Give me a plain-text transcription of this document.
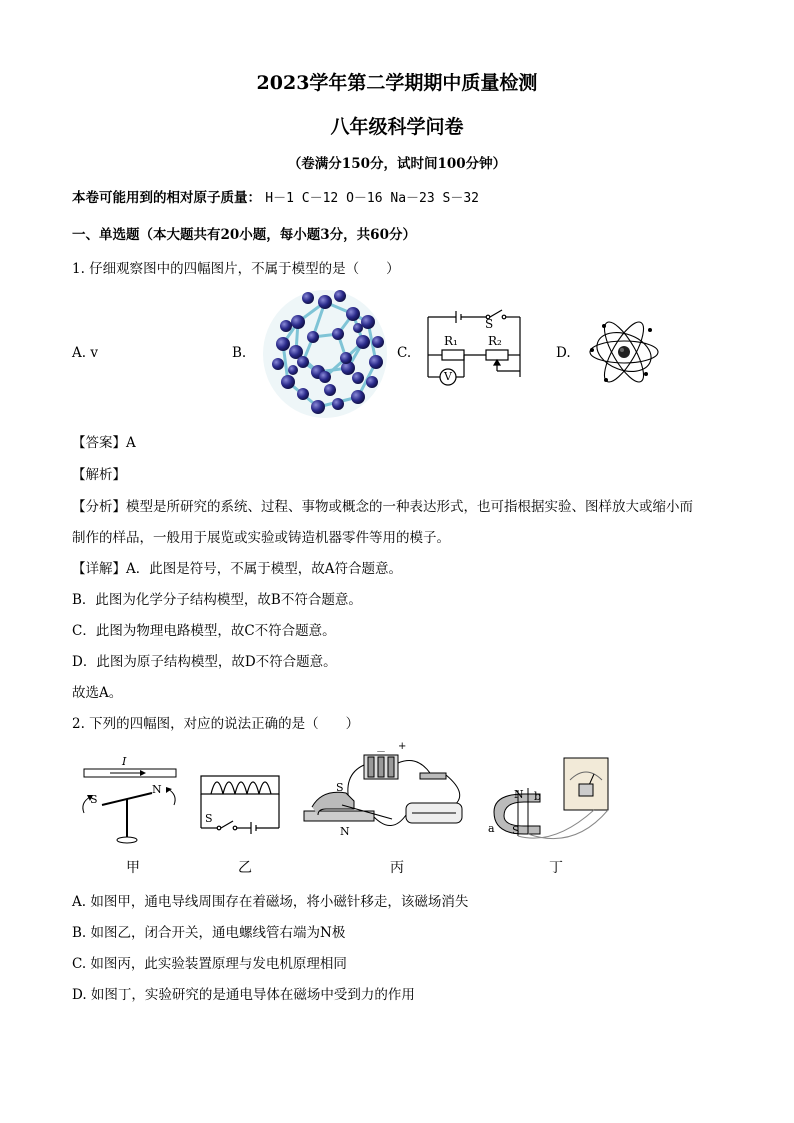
2023学年第二学期期中质量检测
八年级科学问卷
（卷满分150分，试时间100分钟）
本卷可能用到的相对原子质量： H－1 C－12 O－16 Na－23 S－32
一、单选题（本大题共有20小题，每小题3分，共60分）
1. 仔细观察图中的四幅图片，不属于模型的是（　　）
A. v	B.	C.	D.
S
R₁	R₂
V
【答案】A
【解析】
【分析】模型是所研究的系统、过程、事物或概念的一种表达形式，也可指根据实验、图样放大或缩小而
制作的样品，一般用于展览或实验或铸造机器零件等用的模子。
【详解】A．此图是符号，不属于模型，故A符合题意。
B．此图为化学分子结构模型，故B不符合题意。
C．此图为物理电路模型，故C不符合题意。
D．此图为原子结构模型，故D不符合题意。
故选A。
2. 下列的四幅图，对应的说法正确的是（　　）
I
S
N
S
－
+
S
N
N b
a S
甲	乙	丙	丁
A. 如图甲，通电导线周围存在着磁场，将小磁针移走，该磁场消失
B. 如图乙，闭合开关，通电螺线管右端为N极
C. 如图丙，此实验装置原理与发电机原理相同
D. 如图丁，实验研究的是通电导体在磁场中受到力的作用
